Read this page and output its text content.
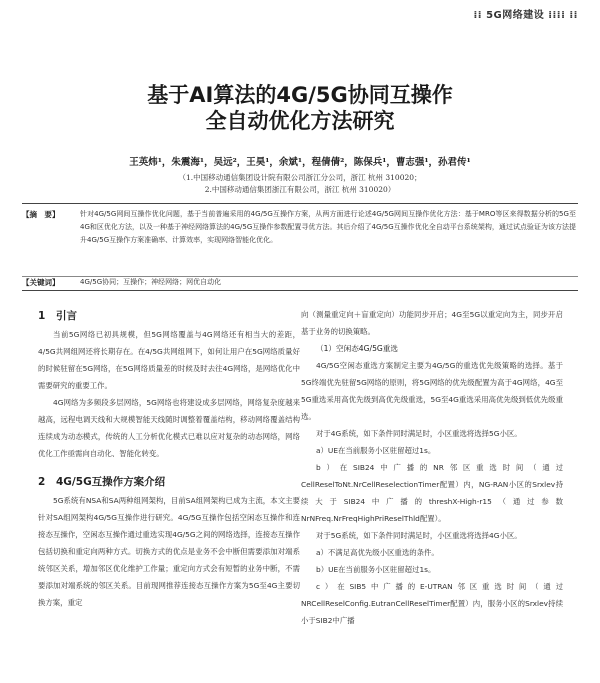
⁞⁞ 5G网络建设 ⁞⁞⁞⁞ ⁞⁞
基于AI算法的4G/5G协同互操作
全自动优化方法研究
王英炜¹，朱震海¹，吴远²，王昊¹，余斌¹，程倩倩²，陈保兵¹，曹志强¹，孙君传¹
（1.中国移动通信集团设计院有限公司浙江分公司，浙江 杭州 310020；
2.中国移动通信集团浙江有限公司，浙江 杭州 310020）
【摘　要】	针对4G/5G网间互操作优化问题，基于当前普遍采用的4G/5G互操作方案，从两方面进行论述4G/5G网间互操作优化方法：基于MRO等区来得数据分析的5G至4G和区优化方法，以及一种基于神经网络算法的4G/5G互操作参数配置寻优方法。其后介绍了4G/5G互操作优化全自动平台系统架构，通过试点验证为该方法提升4G/5G互操作方案准确率、计算效率，实现网络智能化优化。
【关键词】	4G/5G协同；互操作；神经网络；网优自动化
1 引言

当前5G网络已初具规模，但5G网络覆盖与4G网络还有相当大的差距，4/5G共网组网还将长期存在。在4/5G共网组网下，如何让用户在5G网络质量好的时候驻留在5G网络，在5G网络质量差的时候及时去往4G网络，是网络优化中需要研究的重要工作。

4G网络为多频段多层网络，5G网络也将建设成多层网络，网络复杂度越来越高，远程电调天线和大规模智能天线随时调整着覆盖结构，移动网络覆盖结构连续成为动态模式，传统的人工分析优化模式已难以应对复杂的动态网络，网络优化工作亟需向自动化、智能化转变。

2 4G/5G互操作方案介绍

5G系统有NSA和SA两种组网架构，目前SA组网架构已成为主流，本文主要针对SA组网架构4G/5G互操作进行研究。4G/5G互操作包括空闲态互操作和连接态互操作，空闲态互操作通过重选实现4G/5G之间的网络选择，连接态互操作包括切换和重定向两种方式。切换方式的优点是业务不会中断但需要添加对端系统邻区关系，增加邻区优化维护工作量；重定向方式会有短暂的业务中断，不需要添加对端系统的邻区关系。目前现网推荐连接态互操作方案为5G至4G主要切换方案，重定

向（测量重定向＋盲重定向）功能同步开启；4G至5G以重定向为主，同步开启基于业务的切换策略。

（1）空闲态4G/5G重选

4G/5G空闲态重选方案制定主要为4G/5G的重选优先级策略的选择。基于5G终端优先驻留5G网络的原则，将5G网络的优先级配置为高于4G网络，4G至5G重选采用高优先级到高优先级重选，5G至4G重选采用高优先级到低优先级重选。

对于4G系统，如下条件同时满足时，小区重选将选择5G小区。

a）UE在当前服务小区驻留超过1s。

b）在SIB24中广播的NR邻区重选时间（通过CellReselToNt.NrCellReselectionTimer配置）内，NG-RAN小区的Srxlev持续大于SIB24中广播的threshX-High-r15（通过参数NrNFreq.NrFreqHighPriReselThld配置）。

对于5G系统，如下条件同时满足时，小区重选将选择4G小区。

a）不满足高优先级小区重选的条件。

b）UE在当前服务小区驻留超过1s。

c）在SIB5中广播的E-UTRAN邻区重选时间（通过NRCellReselConfig.EutranCellReselTimer配置）内，服务小区的Srxlev持续小于SIB2中广播
